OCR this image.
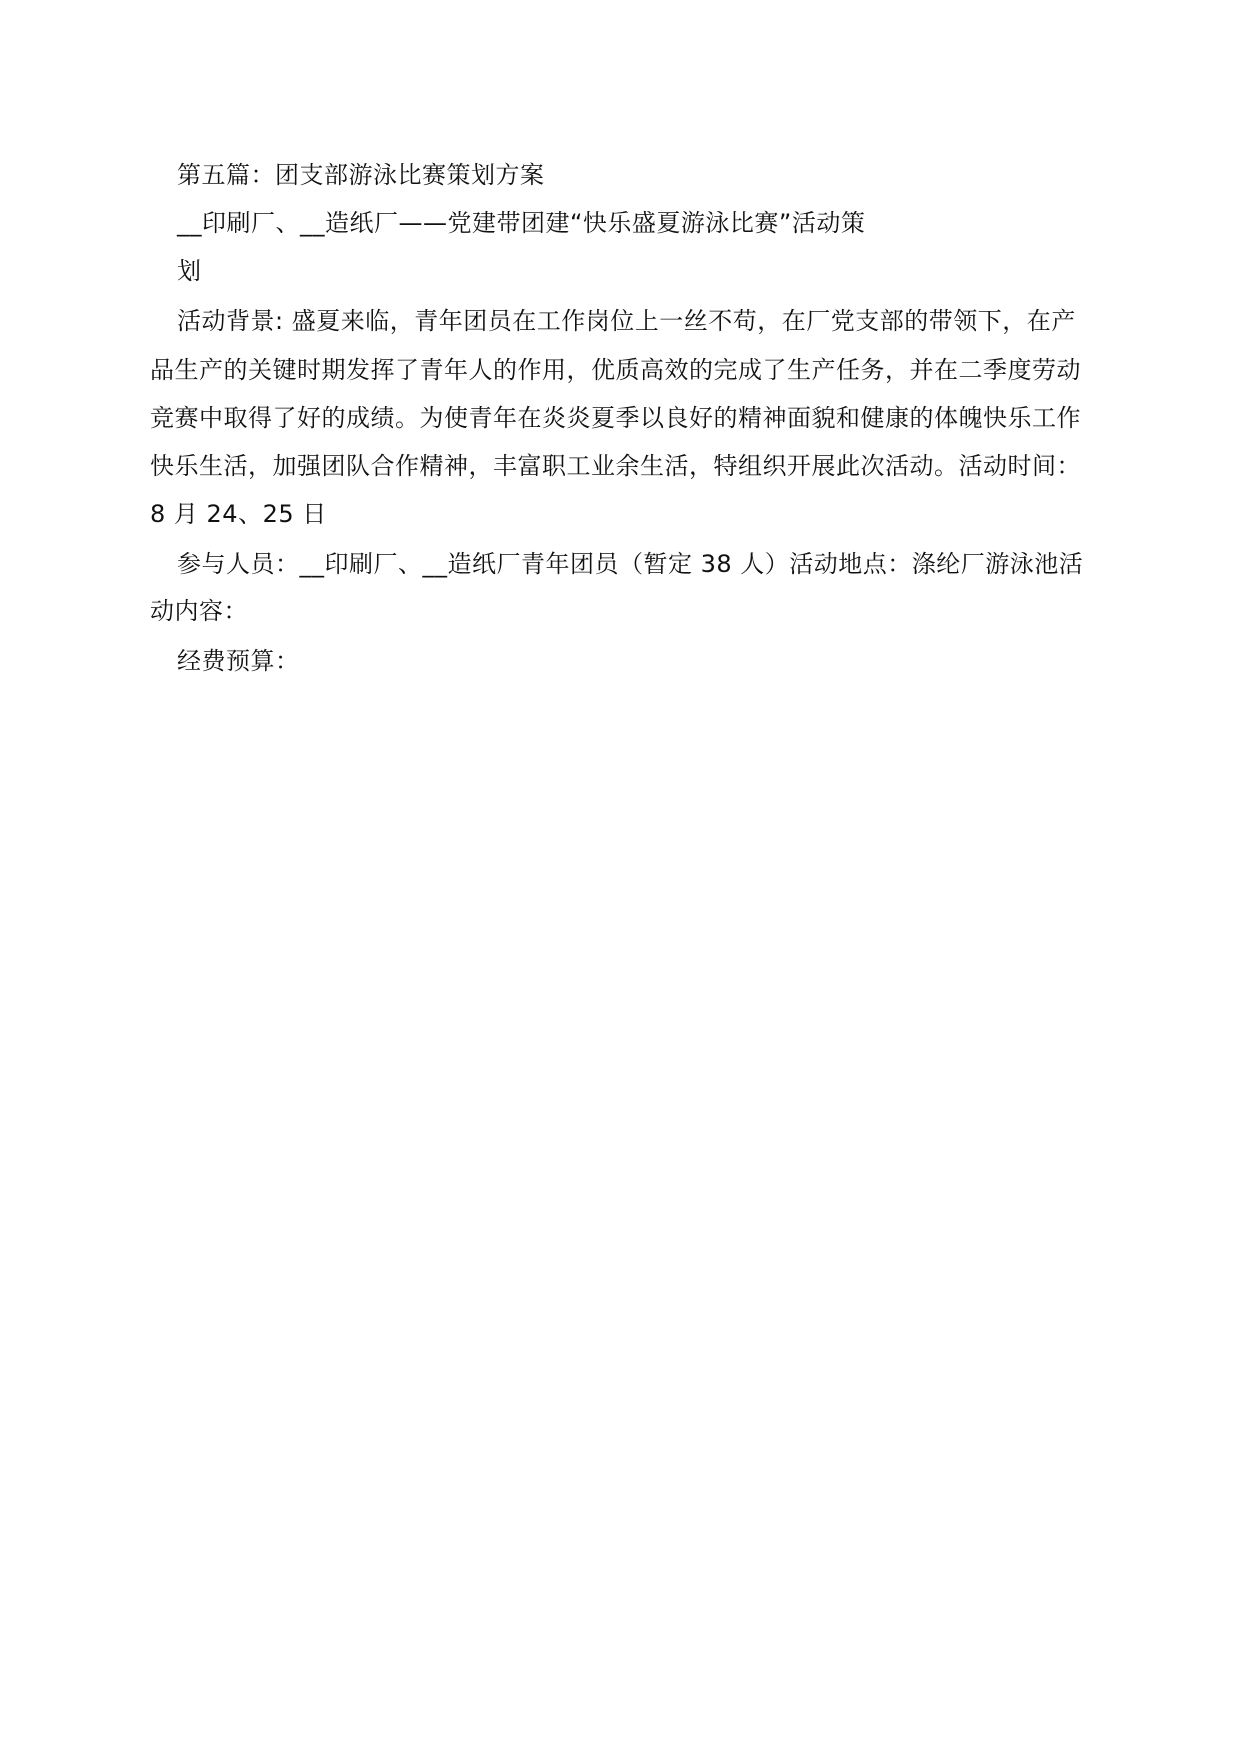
第五篇：团支部游泳比赛策划方案
__印刷厂、__造纸厂——党建带团建“快乐盛夏游泳比赛”活动策
划
活动背景: 盛夏来临，青年团员在工作岗位上一丝不苟，在厂党支部的带领下，在产
品生产的关键时期发挥了青年人的作用，优质高效的完成了生产任务，并在二季度劳动
竞赛中取得了好的成绩。为使青年在炎炎夏季以良好的精神面貌和健康的体魄快乐工作
快乐生活，加强团队合作精神，丰富职工业余生活，特组织开展此次活动。活动时间：
8 月 24、25 日
参与人员：__印刷厂、__造纸厂青年团员（暂定 38 人）活动地点：涤纶厂游泳池活
动内容：
经费预算：
